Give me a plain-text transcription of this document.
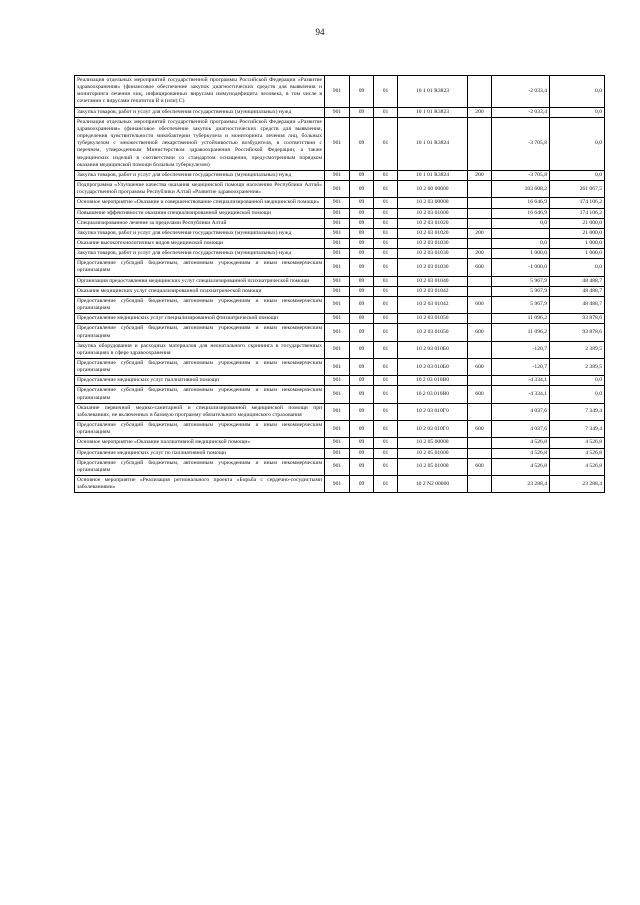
94
Реализация отдельных мероприятий государственной программы Российской Федерации «Развитие здравоохранения» (финансовое обеспечение закупок диагностических средств для выявления и мониторинга лечения лиц, инфицированных вирусами иммунодефицита человека, в том числе в сочетании с вирусами гепатитов В и (или) С)	901	09	01	10 1 01 R3823		-2 033,4	0,0
Закупка товаров, работ и услуг для обеспечения государственных (муниципальных) нужд	901	09	01	10 1 01 R3823	200	-2 033,4	0,0
Реализация отдельных мероприятий государственной программы Российской Федерации «Развитие здравоохранения» (финансовое обеспечение закупок диагностических средств для выявления, определения чувствительности микобактерии туберкулеза и мониторинга лечения лиц, больных туберкулезом с множественной лекарственной устойчивостью возбудителя, в соответствии с перечнем, утвержденным Министерством здравоохранения Российской Федерации, а также медицинских изделий в соответствии со стандартом оснащения, предусмотренным порядком оказания медицинской помощи больным туберкулезом)	901	09	01	10 1 01 R3824		-3 705,8	0,0
Закупка товаров, работ и услуг для обеспечения государственных (муниципальных) нужд	901	09	01	10 1 01 R3824	200	-3 705,8	0,0
Подпрограмма «Улучшение качества оказания медицинской помощи населению Республики Алтай» государственной программы Республики Алтай «Развитие здравоохранения»	901	09	01	10 2 00 00000		103 608,2	261 067,5
Основное мероприятие «Оказание и совершенствование специализированной медицинской помощи»	901	09	01	10 2 03 00000		16 646,9	174 106,2
Повышение эффективности оказания специализированной медицинской помощи	901	09	01	10 2 03 01000		16 646,9	174 106,2
Специализированное лечение за пределами Республики Алтай	901	09	01	10 2 03 01020		0,0	21 000,0
Закупка товаров, работ и услуг для обеспечения государственных (муниципальных) нужд	901	09	01	10 2 03 01020	200		21 000,0
Оказание высокотехнологичных видов медицинской помощи	901	09	01	10 2 03 01030		0,0	1 000,0
Закупка товаров, работ и услуг для обеспечения государственных (муниципальных) нужд	901	09	01	10 2 03 01030	200	1 000,0	1 000,0
Предоставление субсидий бюджетным, автономным учреждениям и иным некоммерческим организациям	901	09	01	10 2 03 01030	600	-1 000,0	0,0
Организация предоставления медицинских услуг специализированной психиатрической помощи	901	09	01	10 2 03 01040		5 967,9	48 488,7
Оказание медицинских услуг специализированной психиатрической помощи	901	09	01	10 2 03 01042		5 967,9	48 488,7
Предоставление субсидий бюджетным, автономным учреждениям и иным некоммерческим организациям	901	09	01	10 2 03 01042	600	5 967,9	48 488,7
Предоставление медицинских услуг специализированной фтизиатрической помощи	901	09	01	10 2 03 01050		11 096,2	93 878,6
Предоставление субсидий бюджетным, автономным учреждениям и иным некоммерческим организациям	901	09	01	10 2 03 01050	600	11 096,2	93 878,6
Закупка оборудования и расходных материалов для неонатального скрининга в государственных организациях в сфере здравоохранения	901	09	01	10 2 03 010Б0		-120,7	2 389,5
Предоставление субсидий бюджетным, автономным учреждениям и иным некоммерческим организациям	901	09	01	10 2 03 010Б0	600	-120,7	2 389,5
Предоставление медицинских услуг паллиативной помощи	901	09	01	10 2 03 010В0		-4 334,1	0,0
Предоставление субсидий бюджетным, автономным учреждениям и иным некоммерческим организациям	901	09	01	10 2 03 010В0	600	-4 334,1	0,0
Оказание первичной медико-санитарной и специализированной медицинской помощи при заболеваниях, не включенных в базовую программу обязательного медицинского страхования	901	09	01	10 2 03 010Г0		4 037,6	7 349,4
Предоставление субсидий бюджетным, автономным учреждениям и иным некоммерческим организациям	901	09	01	10 2 03 010Г0	600	4 037,6	7 349,4
Основное мероприятие «Оказание паллиативной медицинской помощи»	901	09	01	10 2 05 00000		4 526,8	4 526,8
Предоставление медицинских услуг по паллиативной помощи	901	09	01	10 2 05 01000		4 526,8	4 526,8
Предоставление субсидий бюджетным, автономным учреждениям и иным некоммерческим организациям	901	09	01	10 2 05 01000	600	4 526,8	4 526,8
Основное мероприятие «Реализация регионального проекта «Борьба с сердечно-сосудистыми заболеваниями»	901	09	01	10 2 N2 00000		23 288,4	23 288,4
